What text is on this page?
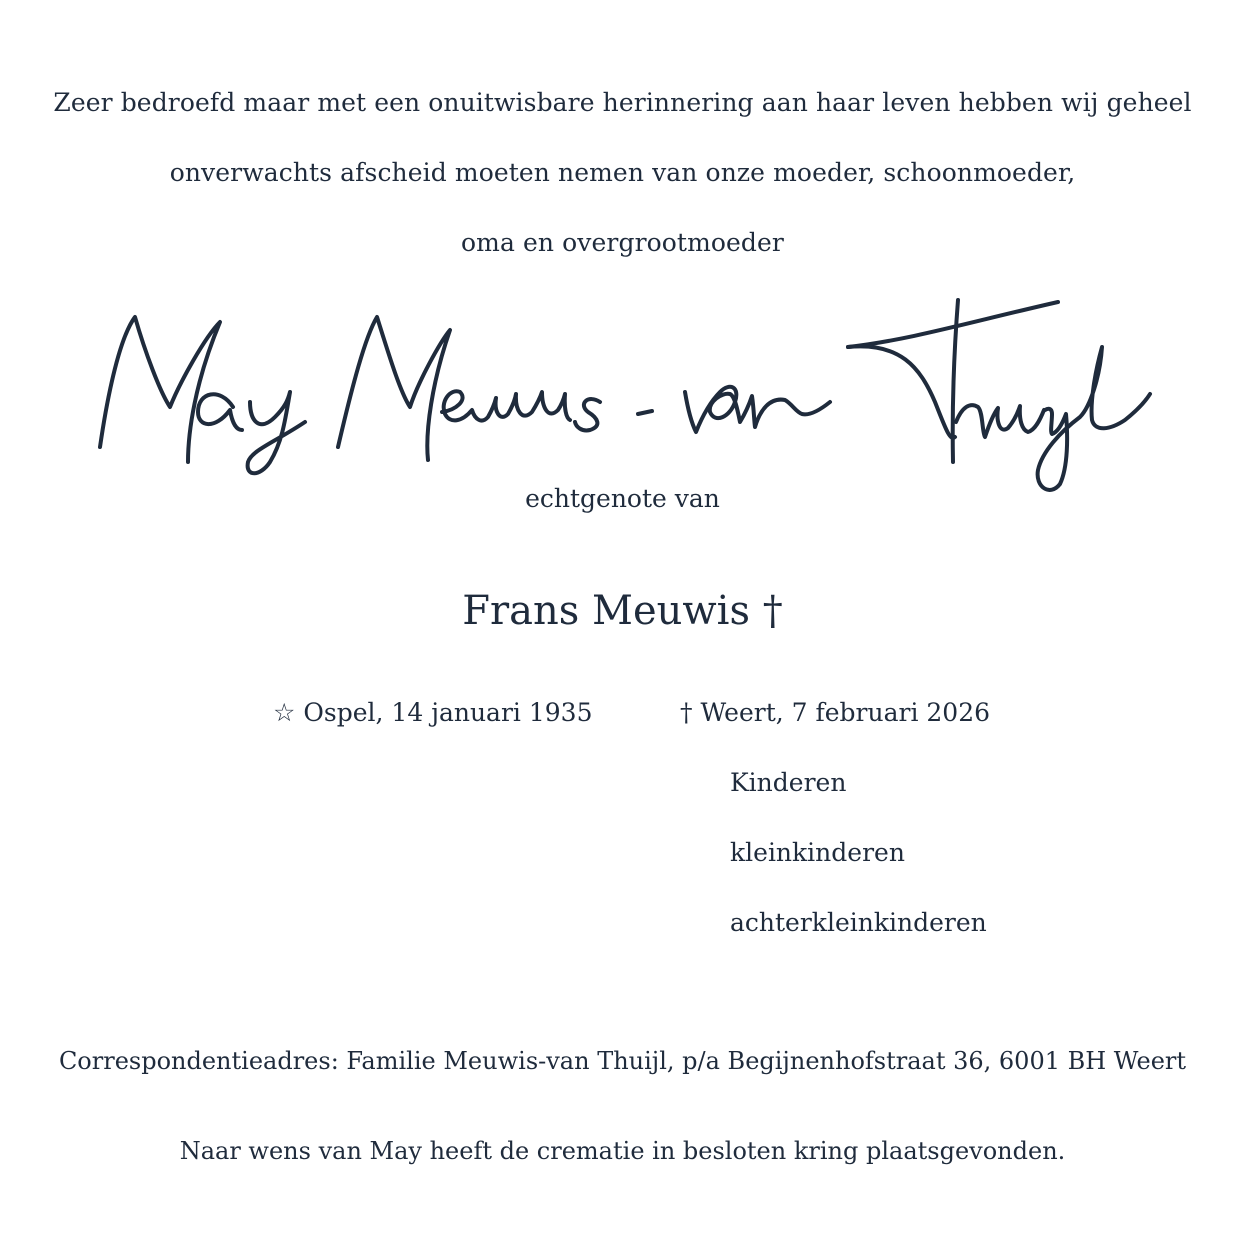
Zeer bedroefd maar met een onuitwisbare herinnering aan haar leven hebben wij geheel
onverwachts afscheid moeten nemen van onze moeder, schoonmoeder,
oma en overgrootmoeder
echtgenote van
Frans Meuwis †
☆ Ospel, 14 januari 1935	† Weert, 7 februari 2026
Kinderen
kleinkinderen
achterkleinkinderen
Correspondentieadres: Familie Meuwis-van Thuijl, p/a Begijnenhofstraat 36, 6001 BH Weert
Naar wens van May heeft de crematie in besloten kring plaatsgevonden.
